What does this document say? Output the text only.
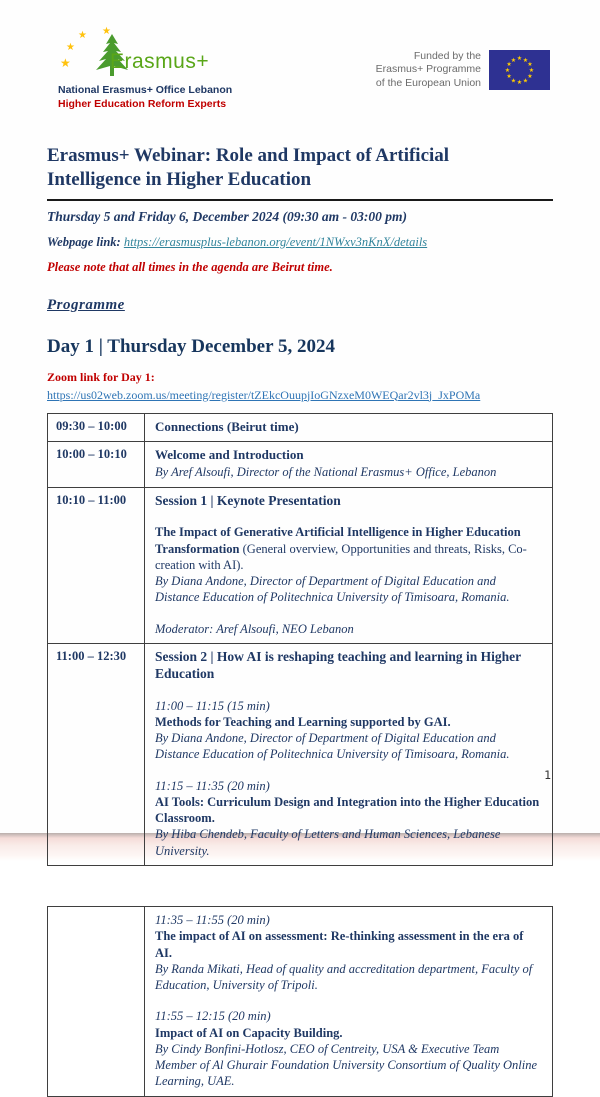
★ ★
★
★ Erasmus+
National Erasmus+ Office Lebanon
Higher Education Reform Experts
Funded by the
Erasmus+ Programme
of the European Union
★ ★
★
★
★
★
★
★
★
★
★
★
Erasmus+ Webinar: Role and Impact of Artificial Intelligence in Higher Education
Thursday 5 and Friday 6, December 2024 (09:30 am - 03:00 pm)
Webpage link: https://erasmusplus-lebanon.org/event/1NWxv3nKnX/details
Please note that all times in the agenda are Beirut time.
Programme
Day 1 | Thursday December 5, 2024
Zoom link for Day 1:
https://us02web.zoom.us/meeting/register/tZEkcOuupjIoGNzxeM0WEQar2vl3j_JxPOMa
09:30 – 10:00	Connections (Beirut time)

10:00 – 10:10	Welcome and Introduction
By Aref Alsoufi, Director of the National Erasmus+ Office, Lebanon

10:10 – 11:00	Session 1 | Keynote Presentation
The Impact of Generative Artificial Intelligence in Higher Education Transformation (General overview, Opportunities and threats, Risks, Co-creation with AI).
By Diana Andone, Director of Department of Digital Education and Distance Education of Politechnica University of Timisoara, Romania.
Moderator: Aref Alsoufi, NEO Lebanon

11:00 – 12:30	Session 2 | How AI is reshaping teaching and learning in Higher Education
11:00 – 11:15 (15 min)
Methods for Teaching and Learning supported by GAI.
By Diana Andone, Director of Department of Digital Education and Distance Education of Politechnica University of Timisoara, Romania.
11:15 – 11:35 (20 min)
AI Tools: Curriculum Design and Integration into the Higher Education Classroom.
By Hiba Chendeb, Faculty of Letters and Human Sciences, Lebanese University.
1

11:35 – 11:55 (20 min)
The impact of AI on assessment: Re-thinking assessment in the era of AI.
By Randa Mikati, Head of quality and accreditation department, Faculty of Education, University of Tripoli.
11:55 – 12:15 (20 min)
Impact of AI on Capacity Building.
By Cindy Bonfini-Hotlosz, CEO of Centreity, USA & Executive Team Member of Al Ghurair Foundation University Consortium of Quality Online Learning, UAE.
